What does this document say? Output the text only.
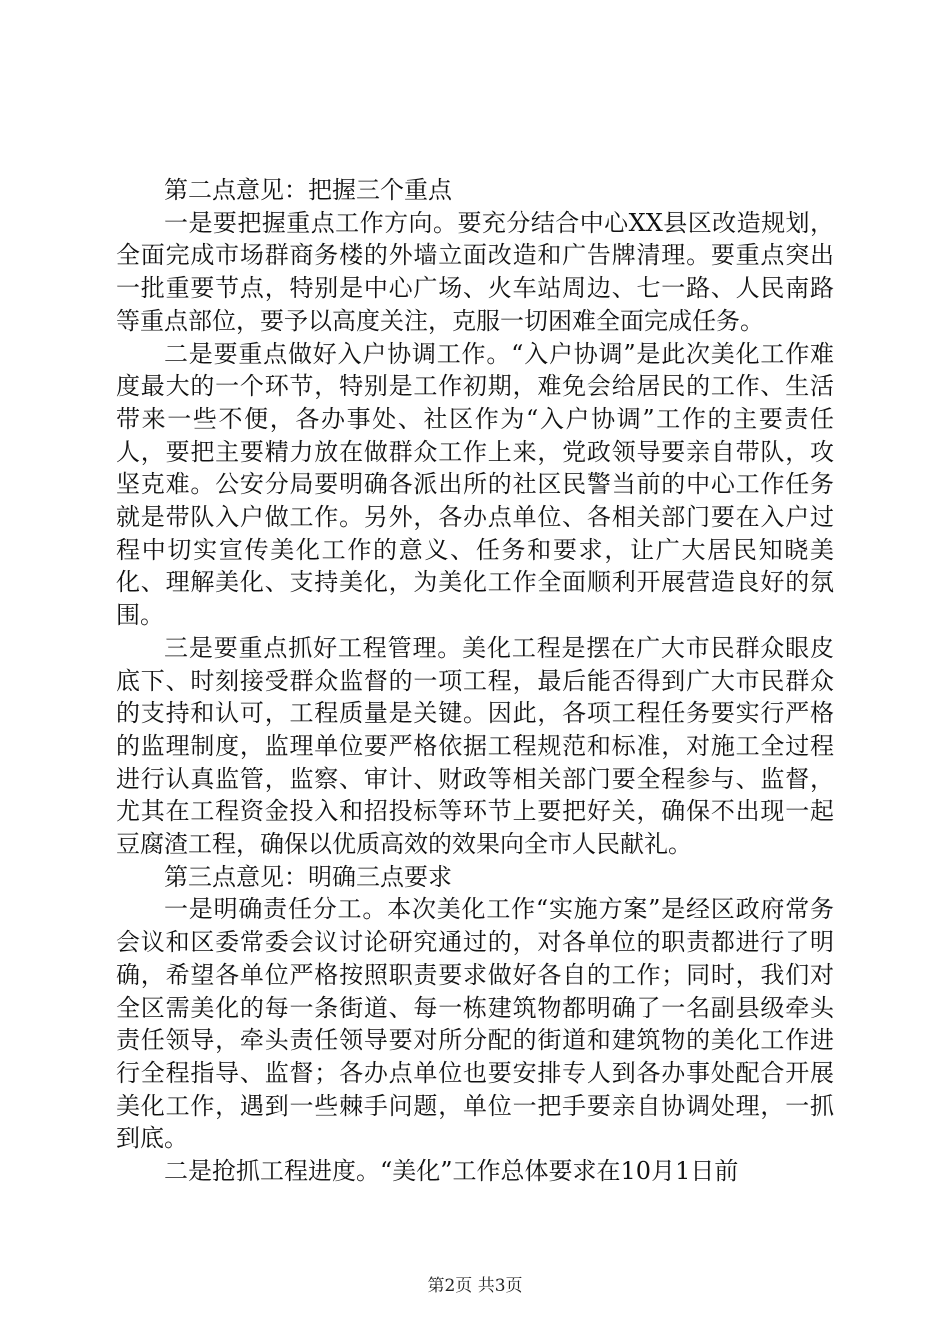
第二点意见：把握三个重点

一是要把握重点工作方向。要充分结合中心XX县区改造规划，全面完成市场群商务楼的外墙立面改造和广告牌清理。要重点突出一批重要节点，特别是中心广场、火车站周边、七一路、人民南路等重点部位，要予以高度关注，克服一切困难全面完成任务。

二是要重点做好入户协调工作。“入户协调”是此次美化工作难度最大的一个环节，特别是工作初期，难免会给居民的工作、生活带来一些不便，各办事处、社区作为“入户协调”工作的主要责任人，要把主要精力放在做群众工作上来，党政领导要亲自带队，攻坚克难。公安分局要明确各派出所的社区民警当前的中心工作任务就是带队入户做工作。另外，各办点单位、各相关部门要在入户过程中切实宣传美化工作的意义、任务和要求，让广大居民知晓美化、理解美化、支持美化，为美化工作全面顺利开展营造良好的氛围。

三是要重点抓好工程管理。美化工程是摆在广大市民群众眼皮底下、时刻接受群众监督的一项工程，最后能否得到广大市民群众的支持和认可，工程质量是关键。因此，各项工程任务要实行严格的监理制度，监理单位要严格依据工程规范和标准，对施工全过程进行认真监管，监察、审计、财政等相关部门要全程参与、监督，尤其在工程资金投入和招投标等环节上要把好关，确保不出现一起豆腐渣工程，确保以优质高效的效果向全市人民献礼。

第三点意见：明确三点要求

一是明确责任分工。本次美化工作“实施方案”是经区政府常务会议和区委常委会议讨论研究通过的，对各单位的职责都进行了明确，希望各单位严格按照职责要求做好各自的工作；同时，我们对全区需美化的每一条街道、每一栋建筑物都明确了一名副县级牵头责任领导，牵头责任领导要对所分配的街道和建筑物的美化工作进行全程指导、监督；各办点单位也要安排专人到各办事处配合开展美化工作，遇到一些棘手问题，单位一把手要亲自协调处理，一抓到底。

二是抢抓工程进度。“美化”工作总体要求在10月1日前

第2页 共3页
